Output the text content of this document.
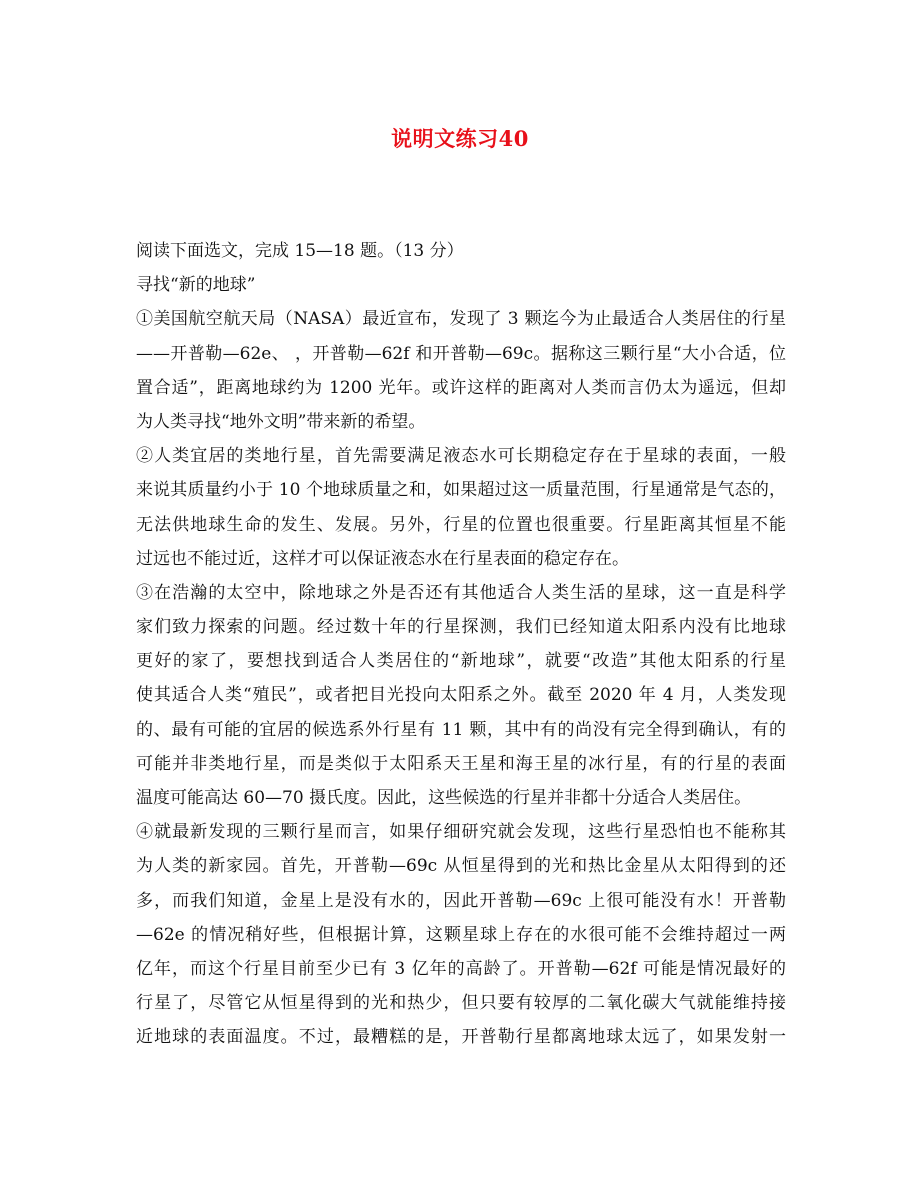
说明文练习40
阅读下面选文，完成 15—18 题。（13 分）
寻找“新的地球”
①美国航空航天局（NASA）最近宣布，发现了 3 颗迄今为止最适合人类居住的行星
——开普勒—62e、 ，开普勒—62f 和开普勒—69c。据称这三颗行星“大小合适，位
置合适”，距离地球约为 1200 光年。或许这样的距离对人类而言仍太为遥远，但却
为人类寻找“地外文明”带来新的希望。
②人类宜居的类地行星，首先需要满足液态水可长期稳定存在于星球的表面，一般
来说其质量约小于 10 个地球质量之和，如果超过这一质量范围，行星通常是气态的，
无法供地球生命的发生、发展。另外，行星的位置也很重要。行星距离其恒星不能
过远也不能过近，这样才可以保证液态水在行星表面的稳定存在。
③在浩瀚的太空中，除地球之外是否还有其他适合人类生活的星球，这一直是科学
家们致力探索的问题。经过数十年的行星探测，我们已经知道太阳系内没有比地球
更好的家了，要想找到适合人类居住的“新地球”，就要“改造”其他太阳系的行星
使其适合人类“殖民”，或者把目光投向太阳系之外。截至 2020 年 4 月，人类发现
的、最有可能的宜居的候选系外行星有 11 颗，其中有的尚没有完全得到确认，有的
可能并非类地行星，而是类似于太阳系天王星和海王星的冰行星，有的行星的表面
温度可能高达 60—70 摄氏度。因此，这些候选的行星并非都十分适合人类居住。
④就最新发现的三颗行星而言，如果仔细研究就会发现，这些行星恐怕也不能称其
为人类的新家园。首先，开普勒—69c 从恒星得到的光和热比金星从太阳得到的还
多，而我们知道，金星上是没有水的，因此开普勒—69c 上很可能没有水！开普勒
—62e 的情况稍好些，但根据计算，这颗星球上存在的水很可能不会维持超过一两
亿年，而这个行星目前至少已有 3 亿年的高龄了。开普勒—62f 可能是情况最好的
行星了，尽管它从恒星得到的光和热少，但只要有较厚的二氧化碳大气就能维持接
近地球的表面温度。不过，最糟糕的是，开普勒行星都离地球太远了，如果发射一
